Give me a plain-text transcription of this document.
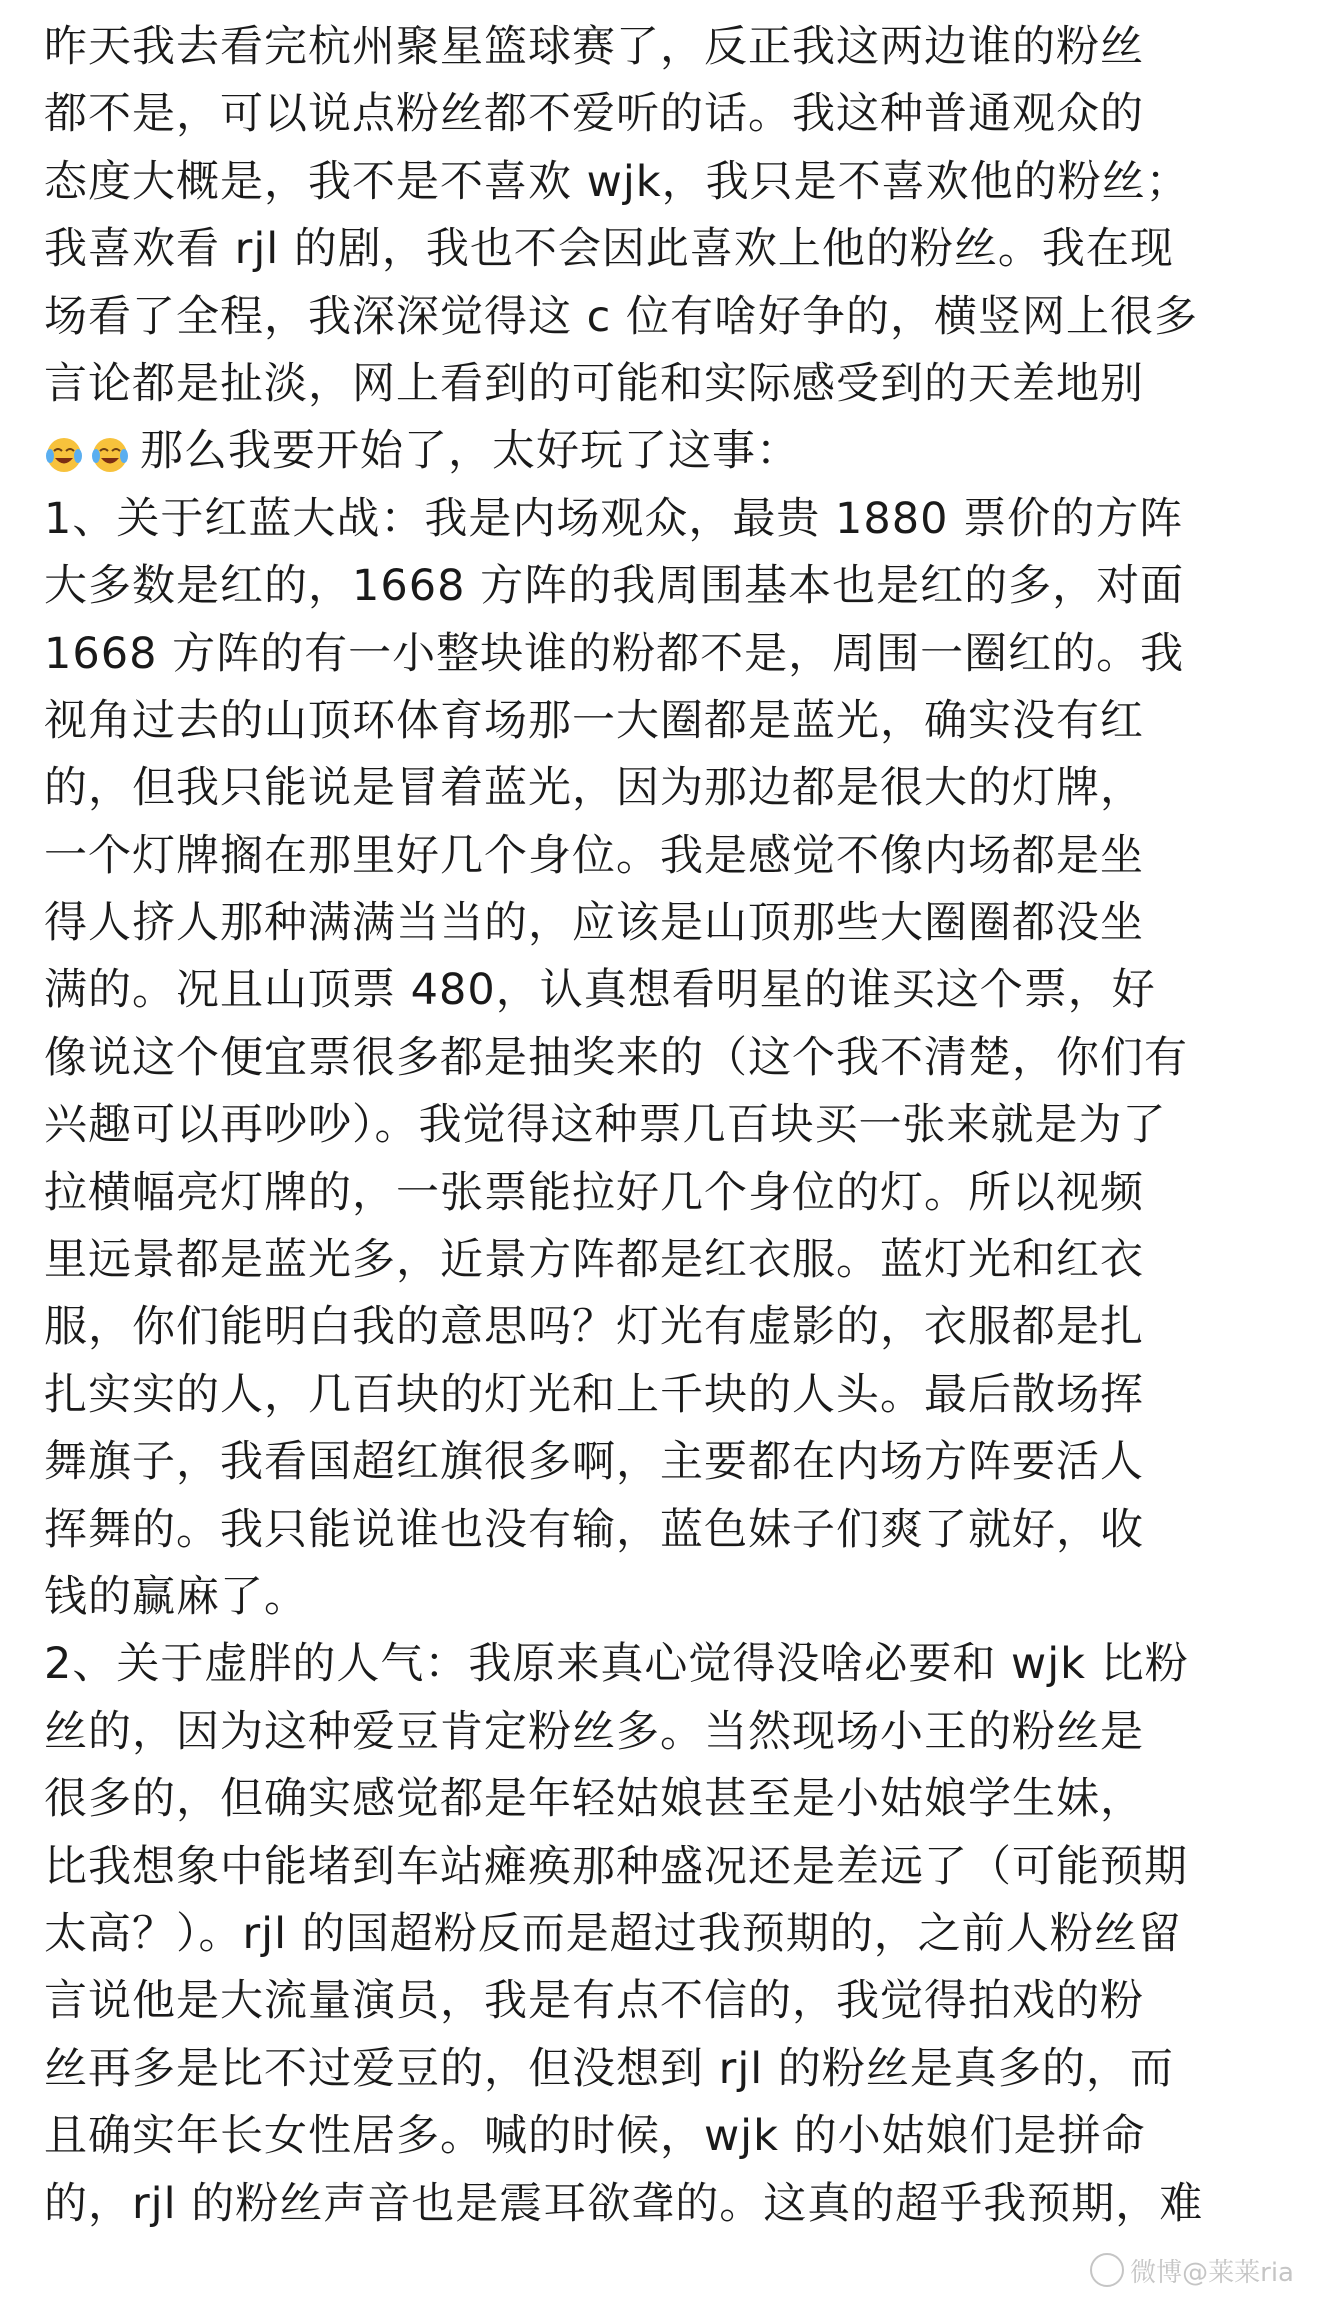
昨天我去看完杭州聚星篮球赛了，反正我这两边谁的粉丝
都不是，可以说点粉丝都不爱听的话。我这种普通观众的
态度大概是，我不是不喜欢 wjk，我只是不喜欢他的粉丝；
我喜欢看 rjl 的剧，我也不会因此喜欢上他的粉丝。我在现
场看了全程，我深深觉得这 c 位有啥好争的，横竖网上很多
言论都是扯淡，网上看到的可能和实际感受到的天差地别
那么我要开始了，太好玩了这事：
1、关于红蓝大战：我是内场观众，最贵 1880 票价的方阵
大多数是红的，1668 方阵的我周围基本也是红的多，对面
1668 方阵的有一小整块谁的粉都不是，周围一圈红的。我
视角过去的山顶环体育场那一大圈都是蓝光，确实没有红
的，但我只能说是冒着蓝光，因为那边都是很大的灯牌，
一个灯牌搁在那里好几个身位。我是感觉不像内场都是坐
得人挤人那种满满当当的，应该是山顶那些大圈圈都没坐
满的。况且山顶票 480，认真想看明星的谁买这个票，好
像说这个便宜票很多都是抽奖来的（这个我不清楚，你们有
兴趣可以再吵吵）。我觉得这种票几百块买一张来就是为了
拉横幅亮灯牌的，一张票能拉好几个身位的灯。所以视频
里远景都是蓝光多，近景方阵都是红衣服。蓝灯光和红衣
服，你们能明白我的意思吗？灯光有虚影的，衣服都是扎
扎实实的人，几百块的灯光和上千块的人头。最后散场挥
舞旗子，我看国超红旗很多啊，主要都在内场方阵要活人
挥舞的。我只能说谁也没有输，蓝色妹子们爽了就好，收
钱的赢麻了。
2、关于虚胖的人气：我原来真心觉得没啥必要和 wjk 比粉
丝的，因为这种爱豆肯定粉丝多。当然现场小王的粉丝是
很多的，但确实感觉都是年轻姑娘甚至是小姑娘学生妹，
比我想象中能堵到车站瘫痪那种盛况还是差远了（可能预期
太高？）。rjl 的国超粉反而是超过我预期的，之前人粉丝留
言说他是大流量演员，我是有点不信的，我觉得拍戏的粉
丝再多是比不过爱豆的，但没想到 rjl 的粉丝是真多的，而
且确实年长女性居多。喊的时候，wjk 的小姑娘们是拼命
的，rjl 的粉丝声音也是震耳欲聋的。这真的超乎我预期，难
微博@莱莱ria
